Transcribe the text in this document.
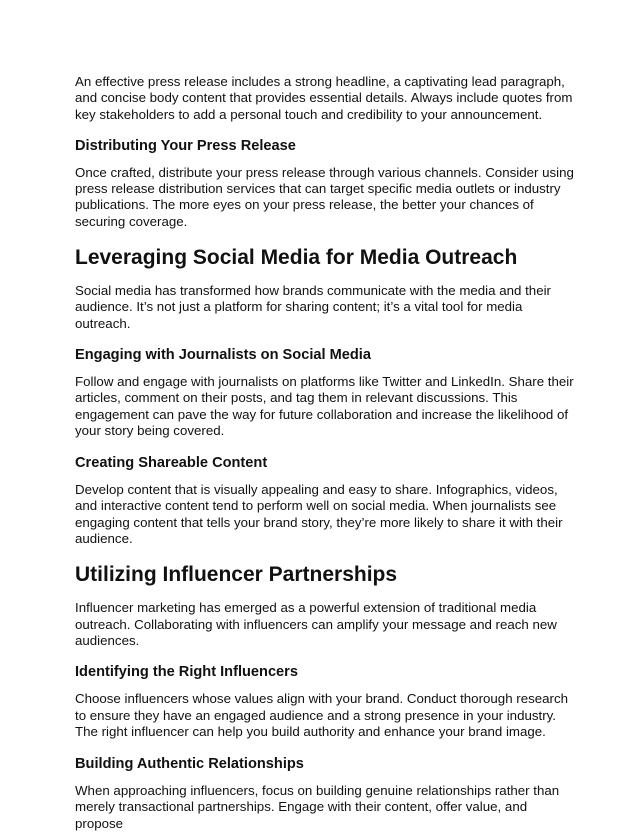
An effective press release includes a strong headline, a captivating lead paragraph, and concise body content that provides essential details. Always include quotes from key stakeholders to add a personal touch and credibility to your announcement.

Distributing Your Press Release

Once crafted, distribute your press release through various channels. Consider using press release distribution services that can target specific media outlets or industry publications. The more eyes on your press release, the better your chances of securing coverage.

Leveraging Social Media for Media Outreach

Social media has transformed how brands communicate with the media and their audience. It’s not just a platform for sharing content; it’s a vital tool for media outreach.

Engaging with Journalists on Social Media

Follow and engage with journalists on platforms like Twitter and LinkedIn. Share their articles, comment on their posts, and tag them in relevant discussions. This engagement can pave the way for future collaboration and increase the likelihood of your story being covered.

Creating Shareable Content

Develop content that is visually appealing and easy to share. Infographics, videos, and interactive content tend to perform well on social media. When journalists see engaging content that tells your brand story, they’re more likely to share it with their audience.

Utilizing Influencer Partnerships

Influencer marketing has emerged as a powerful extension of traditional media outreach. Collaborating with influencers can amplify your message and reach new audiences.

Identifying the Right Influencers

Choose influencers whose values align with your brand. Conduct thorough research to ensure they have an engaged audience and a strong presence in your industry. The right influencer can help you build authority and enhance your brand image.

Building Authentic Relationships

When approaching influencers, focus on building genuine relationships rather than merely transactional partnerships. Engage with their content, offer value, and propose
